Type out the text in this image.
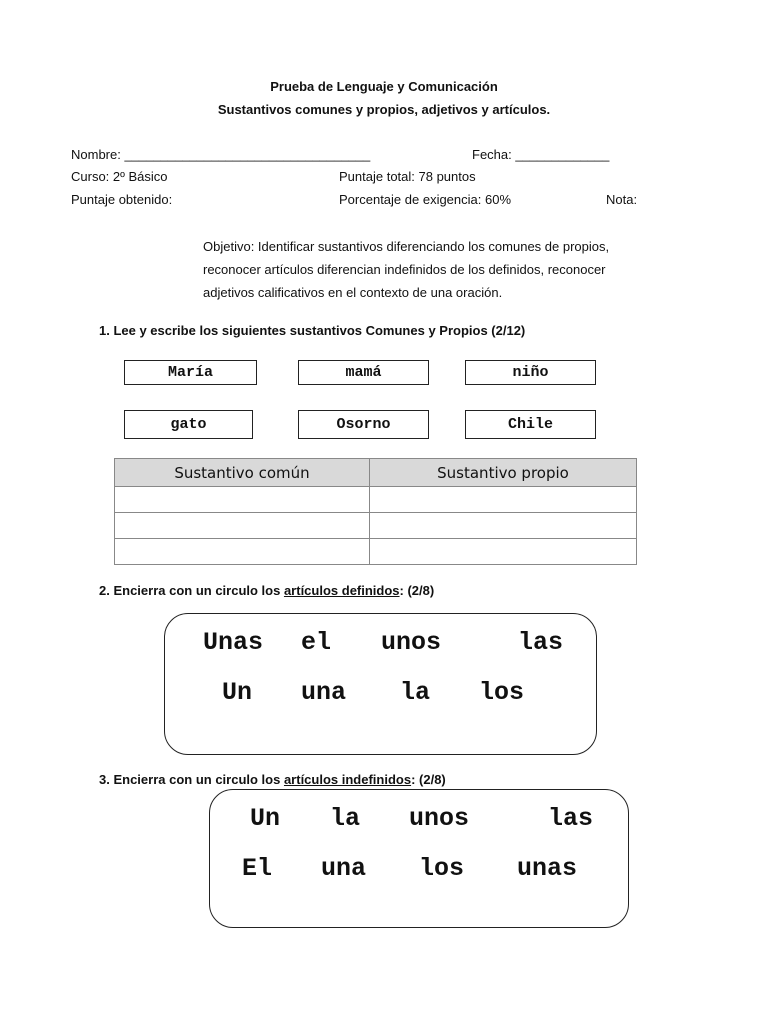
Prueba de Lenguaje y Comunicación
Sustantivos comunes y propios, adjetivos y artículos.
Nombre: __________________________________	Fecha: _____________
Curso: 2º Básico	Puntaje total: 78 puntos
Puntaje obtenido:	Porcentaje de exigencia: 60%	Nota:
Objetivo: Identificar sustantivos diferenciando los comunes de propios,
reconocer artículos diferencian indefinidos de los definidos, reconocer
adjetivos calificativos en el contexto de una oración.
1. Lee y escribe los siguientes sustantivos Comunes y Propios (2/12)
María	mamá	niño
gato	Osorno	Chile
Sustantivo común	Sustantivo propio

2. Encierra con un circulo los artículos definidos: (2/8)
Unas el unos	las
Un una la los
3. Encierra con un circulo los artículos indefinidos: (2/8)
Un la unos	las
El una los unas
